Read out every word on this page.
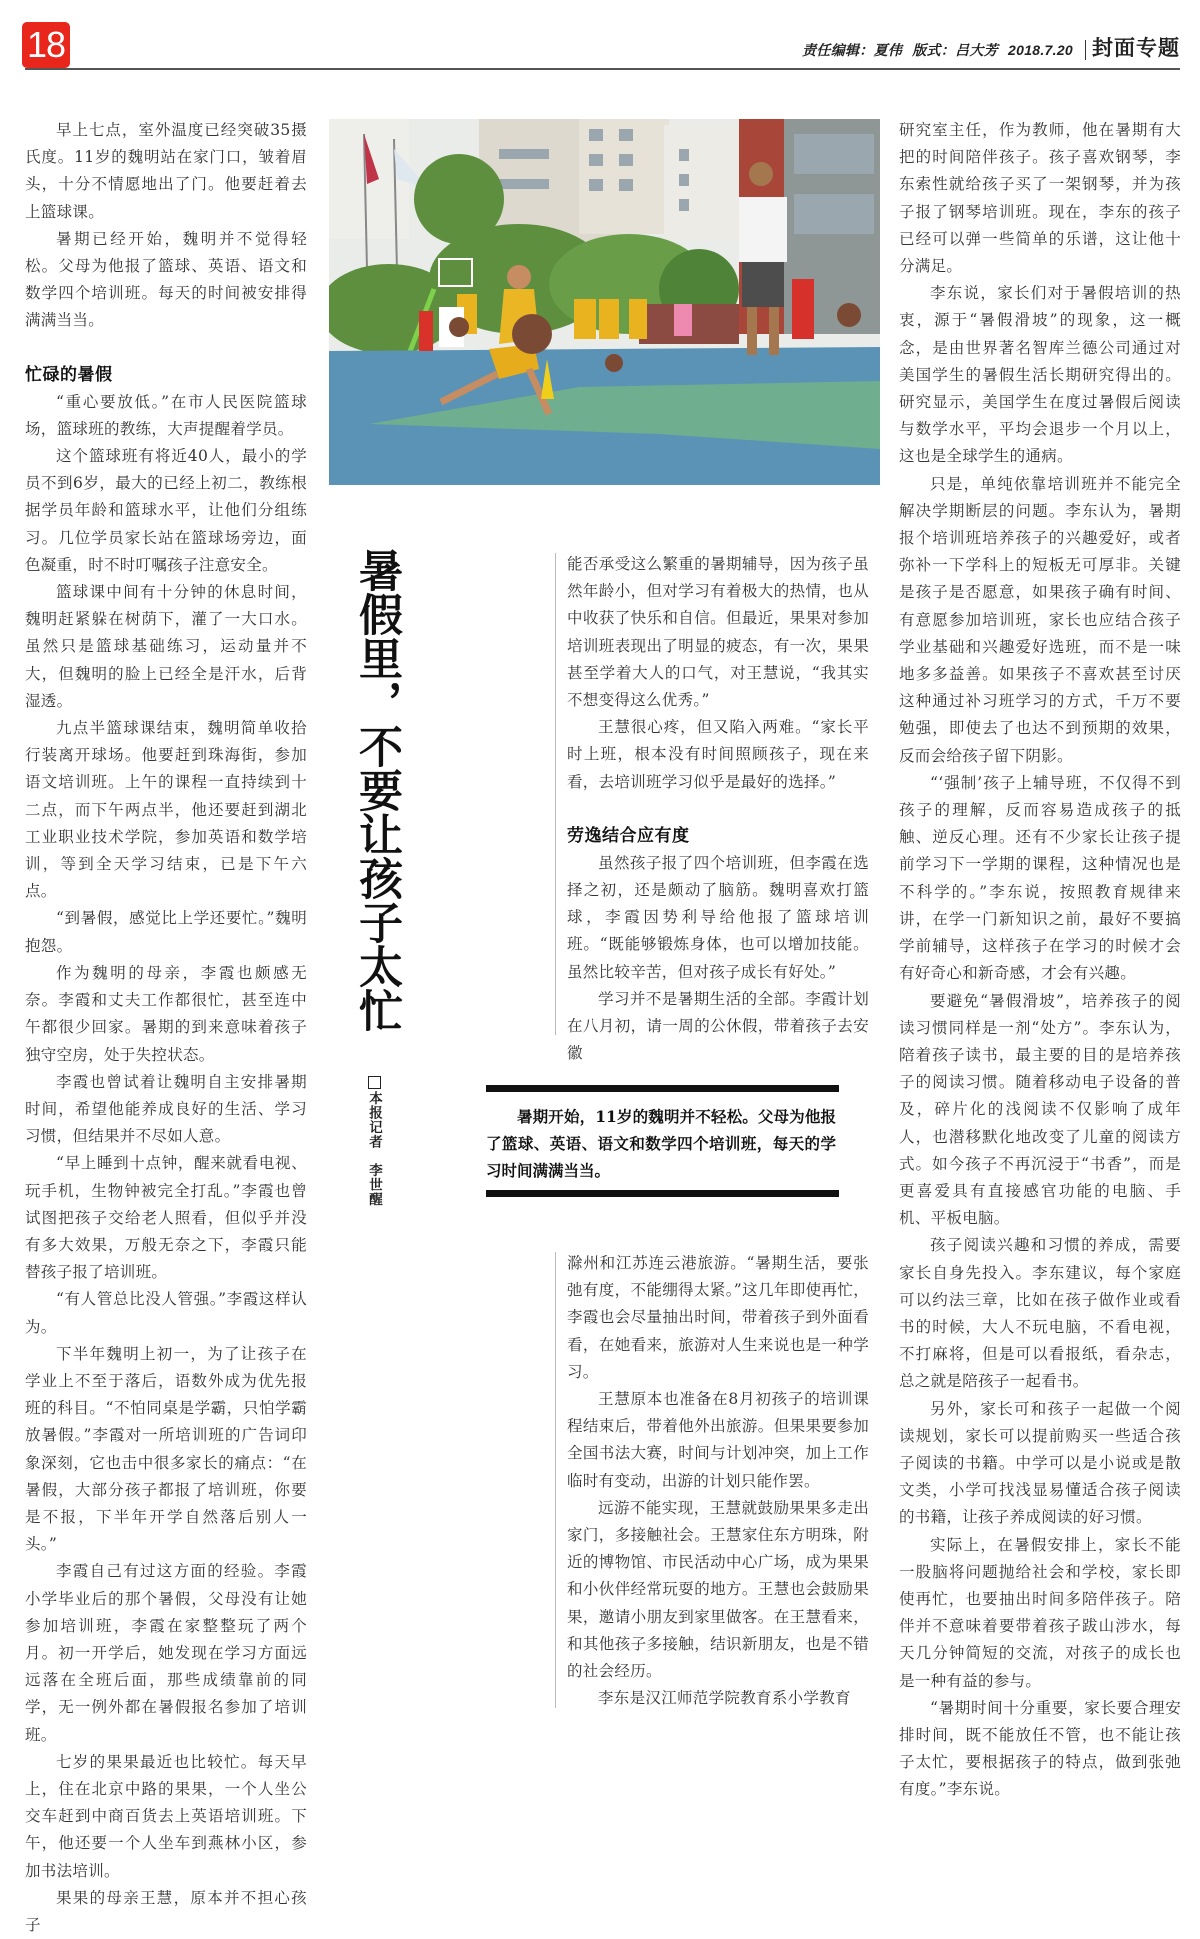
18	责任编辑：夏伟 版式：吕大芳 2018.7.20 封面专题

早上七点，室外温度已经突破35摄氏度。11岁的魏明站在家门口，皱着眉头，十分不情愿地出了门。他要赶着去上篮球课。

暑期已经开始，魏明并不觉得轻松。父母为他报了篮球、英语、语文和数学四个培训班。每天的时间被安排得满满当当。

忙碌的暑假

“重心要放低。”在市人民医院篮球场，篮球班的教练，大声提醒着学员。

这个篮球班有将近40人，最小的学员不到6岁，最大的已经上初二，教练根据学员年龄和篮球水平，让他们分组练习。几位学员家长站在篮球场旁边，面色凝重，时不时叮嘱孩子注意安全。

篮球课中间有十分钟的休息时间，魏明赶紧躲在树荫下，灌了一大口水。虽然只是篮球基础练习，运动量并不大，但魏明的脸上已经全是汗水，后背湿透。

九点半篮球课结束，魏明简单收拾行装离开球场。他要赶到珠海街，参加语文培训班。上午的课程一直持续到十二点，而下午两点半，他还要赶到湖北工业职业技术学院，参加英语和数学培训，等到全天学习结束，已是下午六点。

“到暑假，感觉比上学还要忙。”魏明抱怨。

作为魏明的母亲，李霞也颇感无奈。李霞和丈夫工作都很忙，甚至连中午都很少回家。暑期的到来意味着孩子独守空房，处于失控状态。

李霞也曾试着让魏明自主安排暑期时间，希望他能养成良好的生活、学习习惯，但结果并不尽如人意。

“早上睡到十点钟，醒来就看电视、玩手机，生物钟被完全打乱。”李霞也曾试图把孩子交给老人照看，但似乎并没有多大效果，万般无奈之下，李霞只能替孩子报了培训班。

“有人管总比没人管强。”李霞这样认为。

下半年魏明上初一，为了让孩子在学业上不至于落后，语数外成为优先报班的科目。“不怕同桌是学霸，只怕学霸放暑假。”李霞对一所培训班的广告词印象深刻，它也击中很多家长的痛点：“在暑假，大部分孩子都报了培训班，你要是不报，下半年开学自然落后别人一头。”

李霞自己有过这方面的经验。李霞小学毕业后的那个暑假，父母没有让她参加培训班，李霞在家整整玩了两个月。初一开学后，她发现在学习方面远远落在全班后面，那些成绩靠前的同学，无一例外都在暑假报名参加了培训班。

七岁的果果最近也比较忙。每天早上，住在北京中路的果果，一个人坐公交车赶到中商百货去上英语培训班。下午，他还要一个人坐车到燕林小区，参加书法培训。

果果的母亲王慧，原本并不担心孩子

能否承受这么繁重的暑期辅导，因为孩子虽然年龄小，但对学习有着极大的热情，也从中收获了快乐和自信。但最近，果果对参加培训班表现出了明显的疲态，有一次，果果甚至学着大人的口气，对王慧说，“我其实不想变得这么优秀。”

王慧很心疼，但又陷入两难。“家长平时上班，根本没有时间照顾孩子，现在来看，去培训班学习似乎是最好的选择。”

劳逸结合应有度

虽然孩子报了四个培训班，但李霞在选择之初，还是颇动了脑筋。魏明喜欢打篮球，李霞因势利导给他报了篮球培训班。“既能够锻炼身体，也可以增加技能。虽然比较辛苦，但对孩子成长有好处。”

学习并不是暑期生活的全部。李霞计划在八月初，请一周的公休假，带着孩子去安徽

滁州和江苏连云港旅游。“暑期生活，要张弛有度，不能绷得太紧。”这几年即使再忙，李霞也会尽量抽出时间，带着孩子到外面看看，在她看来，旅游对人生来说也是一种学习。

王慧原本也准备在8月初孩子的培训课程结束后，带着他外出旅游。但果果要参加全国书法大赛，时间与计划冲突，加上工作临时有变动，出游的计划只能作罢。

远游不能实现，王慧就鼓励果果多走出家门，多接触社会。王慧家住东方明珠，附近的博物馆、市民活动中心广场，成为果果和小伙伴经常玩耍的地方。王慧也会鼓励果果，邀请小朋友到家里做客。在王慧看来，和其他孩子多接触，结识新朋友，也是不错的社会经历。

李东是汉江师范学院教育系小学教育

研究室主任，作为教师，他在暑期有大把的时间陪伴孩子。孩子喜欢钢琴，李东索性就给孩子买了一架钢琴，并为孩子报了钢琴培训班。现在，李东的孩子已经可以弹一些简单的乐谱，这让他十分满足。

李东说，家长们对于暑假培训的热衷，源于“暑假滑坡”的现象，这一概念，是由世界著名智库兰德公司通过对美国学生的暑假生活长期研究得出的。研究显示，美国学生在度过暑假后阅读与数学水平，平均会退步一个月以上，这也是全球学生的通病。

只是，单纯依靠培训班并不能完全解决学期断层的问题。李东认为，暑期报个培训班培养孩子的兴趣爱好，或者弥补一下学科上的短板无可厚非。关键是孩子是否愿意，如果孩子确有时间、有意愿参加培训班，家长也应结合孩子学业基础和兴趣爱好选班，而不是一味地多多益善。如果孩子不喜欢甚至讨厌这种通过补习班学习的方式，千万不要勉强，即使去了也达不到预期的效果，反而会给孩子留下阴影。

“‘强制’孩子上辅导班，不仅得不到孩子的理解，反而容易造成孩子的抵触、逆反心理。还有不少家长让孩子提前学习下一学期的课程，这种情况也是不科学的。”李东说，按照教育规律来讲，在学一门新知识之前，最好不要搞学前辅导，这样孩子在学习的时候才会有好奇心和新奇感，才会有兴趣。

要避免“暑假滑坡”，培养孩子的阅读习惯同样是一剂“处方”。李东认为，陪着孩子读书，最主要的目的是培养孩子的阅读习惯。随着移动电子设备的普及，碎片化的浅阅读不仅影响了成年人，也潜移默化地改变了儿童的阅读方式。如今孩子不再沉浸于“书香”，而是更喜爱具有直接感官功能的电脑、手机、平板电脑。

孩子阅读兴趣和习惯的养成，需要家长自身先投入。李东建议，每个家庭可以约法三章，比如在孩子做作业或看书的时候，大人不玩电脑，不看电视，不打麻将，但是可以看报纸，看杂志，总之就是陪孩子一起看书。

另外，家长可和孩子一起做一个阅读规划，家长可以提前购买一些适合孩子阅读的书籍。中学可以是小说或是散文类，小学可找浅显易懂适合孩子阅读的书籍，让孩子养成阅读的好习惯。

实际上，在暑假安排上，家长不能一股脑将问题抛给社会和学校，家长即使再忙，也要抽出时间多陪伴孩子。陪伴并不意味着要带着孩子跋山涉水，每天几分钟简短的交流，对孩子的成长也是一种有益的参与。

“暑期时间十分重要，家长要合理安排时间，既不能放任不管，也不能让孩子太忙，要根据孩子的特点，做到张弛有度。”李东说。

暑假里，不要让孩子太忙
本报记者李世醒

暑期开始，11岁的魏明并不轻松。父母为他报了篮球、英语、语文和数学四个培训班，每天的学习时间满满当当。
